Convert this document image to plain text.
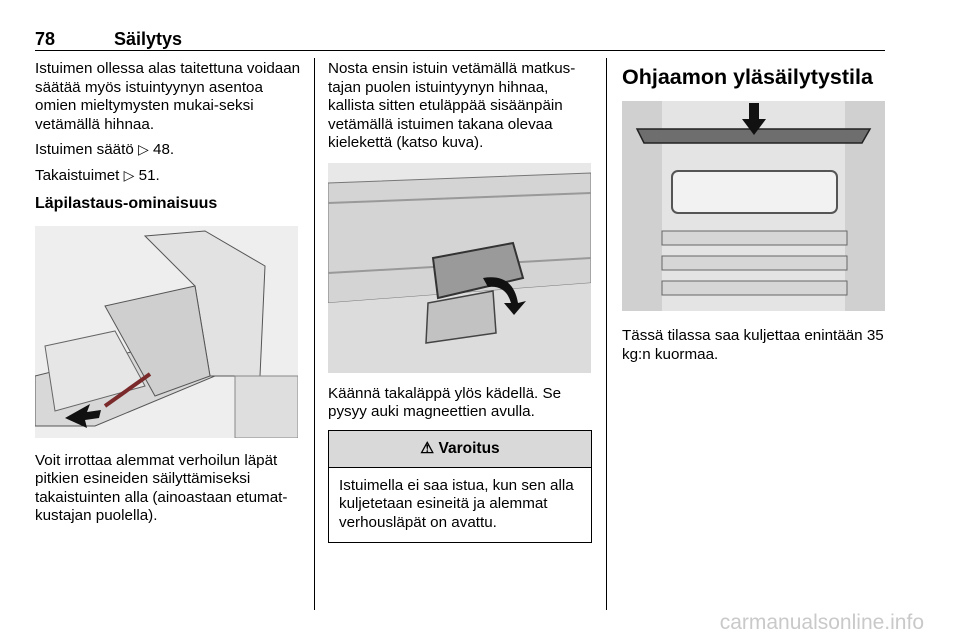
78	Säilytys

Istuimen ollessa alas taitettuna voidaan säätää myös istuintyynyn asentoa omien mieltymysten mukai-seksi vetämällä hihnaa.

Istuimen säätö ▷ 48.

Takaistuimet ▷ 51.

Läpilastaus-ominaisuus

Voit irrottaa alemmat verhoilun läpät pitkien esineiden säilyttämiseksi takaistuinten alla (ainoastaan etumat-kustajan puolella).

Nosta ensin istuin vetämällä matkus-tajan puolen istuintyynyn hihnaa, kallista sitten etuläppää sisäänpäin vetämällä istuimen takana olevaa kielekettä (katso kuva).

Käännä takaläppä ylös kädellä. Se pysyy auki magneettien avulla.

⚠ Varoitus
Istuimella ei saa istua, kun sen alla kuljetetaan esineitä ja alemmat verhousläpät on avattu.
Ohjaamon yläsäilytystila

Tässä tilassa saa kuljettaa enintään 35 kg:n kuormaa.

carmanualsonline.info
